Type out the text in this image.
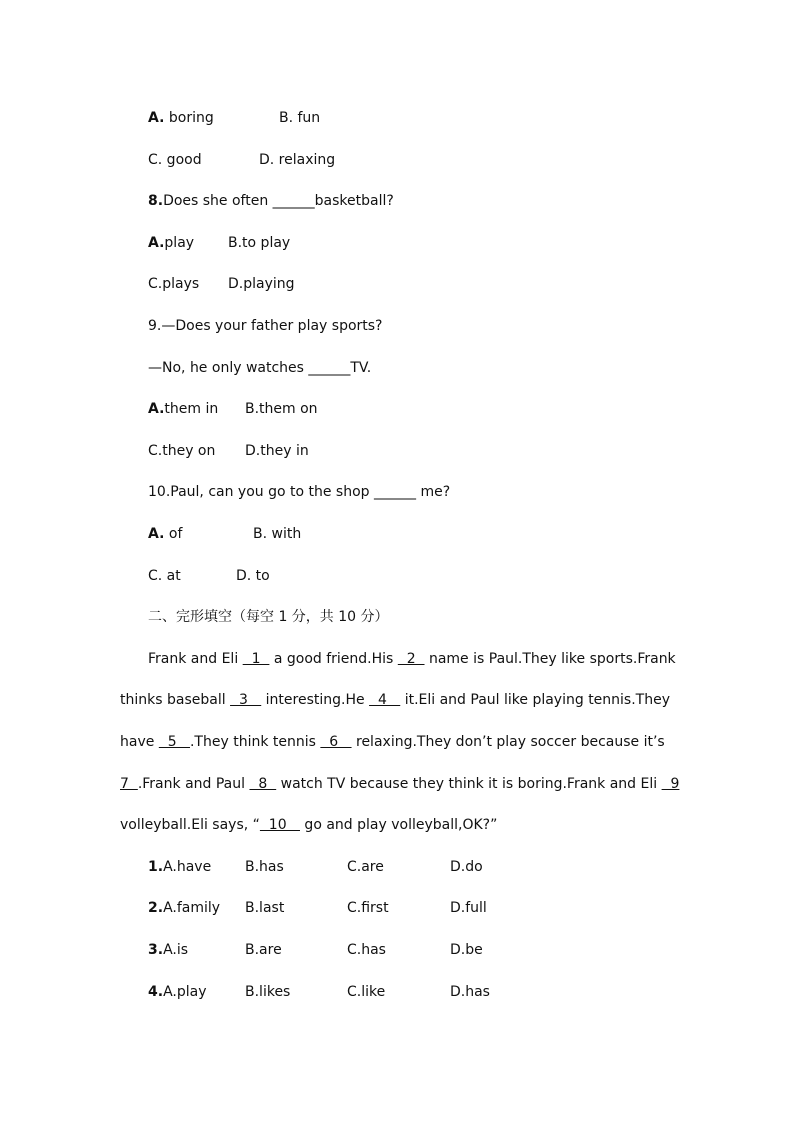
A. boring	B. fun
C. good	D. relaxing
8.Does she often ______basketball?
A.play B.to play
C.plays D.playing
9.—Does your father play sports?
—No, he only watches ______TV.
A.them in B.them on
C.they on D.they in
10.Paul, can you go to the shop ______ me?
A. of	B. with
C. at	D. to
二、完形填空（每空 1 分，共 10 分）
Frank and Eli   1   a good friend.His   2   name is Paul.They like sports.Frank
thinks baseball   3    interesting.He   4    it.Eli and Paul like playing tennis.They
have   5   .They think tennis   6    relaxing.They don’t play soccer because it’s
7  .Frank and Paul   8   watch TV because they think it is boring.Frank and Eli   9
volleyball.Eli says, “  10    go and play volleyball,OK?”
1.A.have B.has	C.are	D.do
2.A.family B.last	C.first	D.full
3.A.is	B.are	C.has	D.be
4.A.play	B.likes	C.like	D.has
